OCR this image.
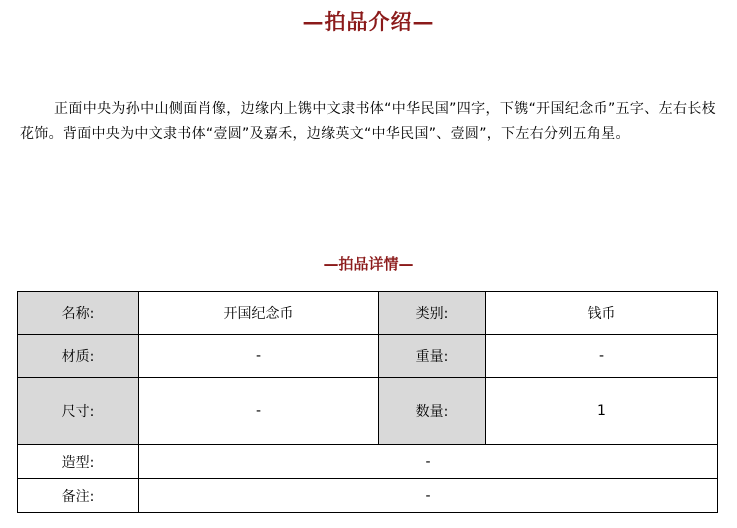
—拍品介绍—

正面中央为孙中山侧面肖像，边缘内上镌中文隶书体“中华民国”四字，下镌“开国纪念币”五字、左右长枝花饰。背面中央为中文隶书体“壹圆”及嘉禾，边缘英文“中华民国”、壹圆”，下左右分列五角星。

—拍品详情—
名称:	开国纪念币	类别:	钱币
材质:	-	重量:	-
尺寸:	-	数量:	1
造型:	-		
备注:	-		
